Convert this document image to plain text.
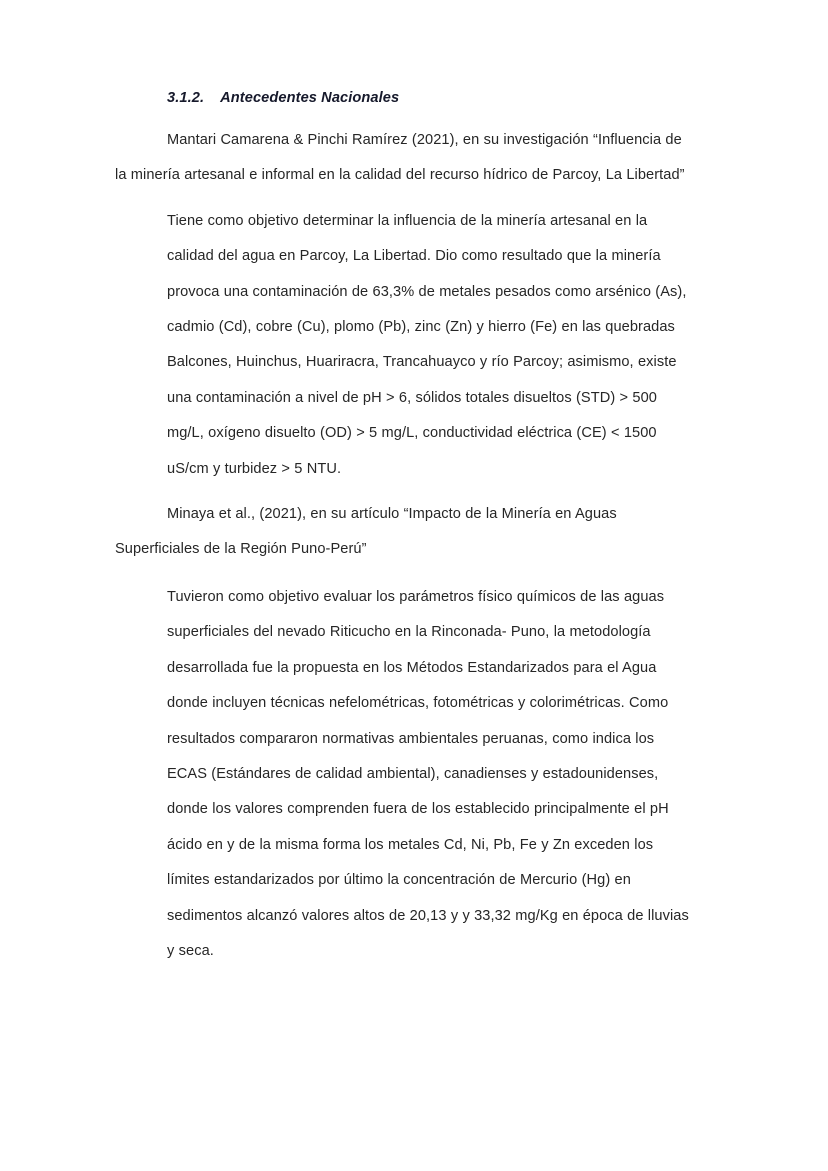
3.1.2. Antecedentes Nacionales

Mantari Camarena & Pinchi Ramírez (2021), en su investigación “Influencia de
la minería artesanal e informal en la calidad del recurso hídrico de Parcoy, La Libertad”

Tiene como objetivo determinar la influencia de la minería artesanal en la
calidad del agua en Parcoy, La Libertad. Dio como resultado que la minería
provoca una contaminación de 63,3% de metales pesados como arsénico (As),
cadmio (Cd), cobre (Cu), plomo (Pb), zinc (Zn) y hierro (Fe) en las quebradas
Balcones, Huinchus, Huariracra, Trancahuayco y río Parcoy; asimismo, existe
una contaminación a nivel de pH > 6, sólidos totales disueltos (STD) > 500
mg/L, oxígeno disuelto (OD) > 5 mg/L, conductividad eléctrica (CE) < 1500
uS/cm y turbidez > 5 NTU.

Minaya et al., (2021), en su artículo “Impacto de la Minería en Aguas
Superficiales de la Región Puno-Perú”

Tuvieron como objetivo evaluar los parámetros físico químicos de las aguas
superficiales del nevado Riticucho en la Rinconada- Puno, la metodología
desarrollada fue la propuesta en los Métodos Estandarizados para el Agua
donde incluyen técnicas nefelométricas, fotométricas y colorimétricas. Como
resultados compararon normativas ambientales peruanas, como indica los
ECAS (Estándares de calidad ambiental), canadienses y estadounidenses,
donde los valores comprenden fuera de los establecido principalmente el pH
ácido en y de la misma forma los metales Cd, Ni, Pb, Fe y Zn exceden los
límites estandarizados por último la concentración de Mercurio (Hg) en
sedimentos alcanzó valores altos de 20,13 y y 33,32 mg/Kg en época de lluvias
y seca.
